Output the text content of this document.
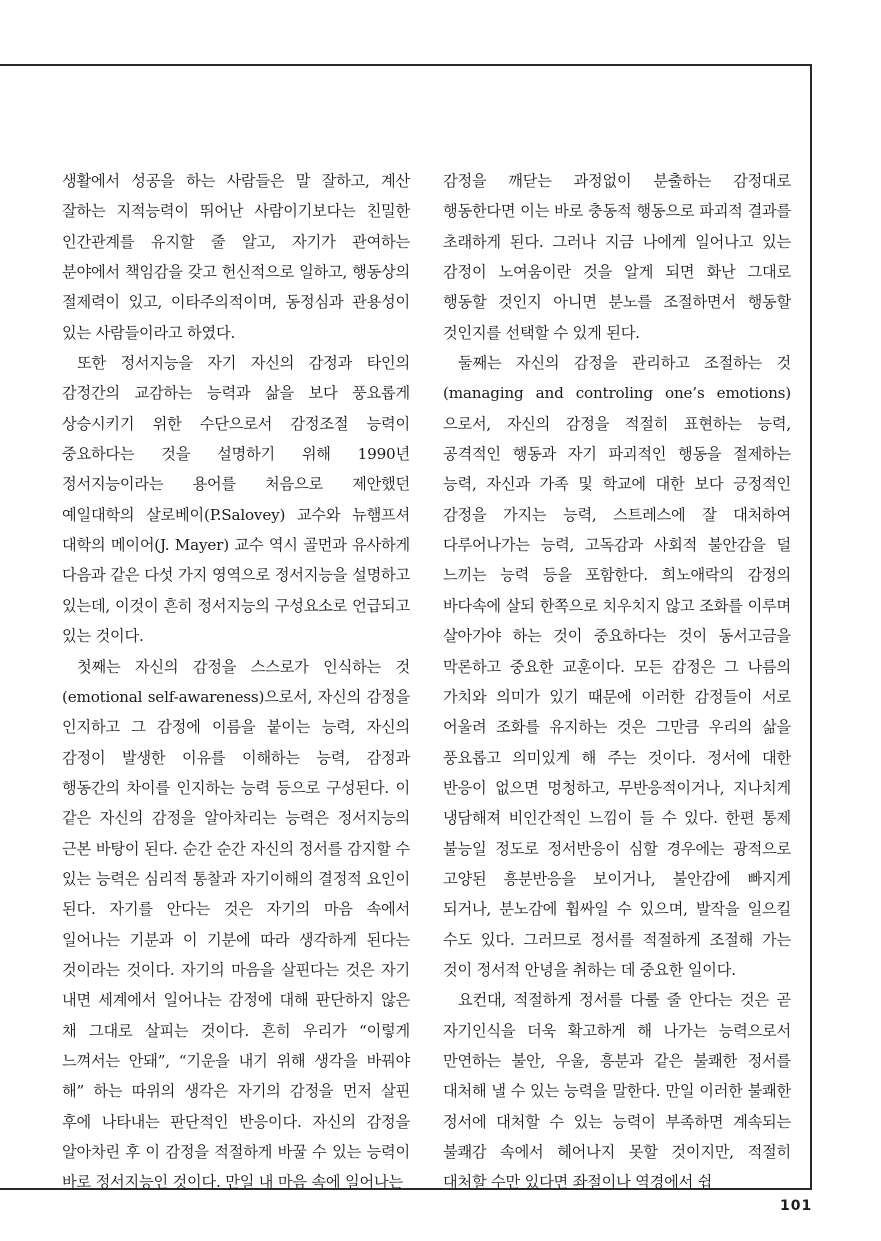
생활에서 성공을 하는 사람들은 말 잘하고, 계산 잘하는 지적능력이 뛰어난 사람이기보다는 친밀한 인간관계를 유지할 줄 알고, 자기가 관여하는 분야에서 책임감을 갖고 헌신적으로 일하고, 행동상의 절제력이 있고, 이타주의적이며, 동정심과 관용성이 있는 사람들이라고 하였다.

또한 정서지능을 자기 자신의 감정과 타인의 감정간의 교감하는 능력과 삶을 보다 풍요롭게 상승시키기 위한 수단으로서 감정조절 능력이 중요하다는 것을 설명하기 위해 1990년 정서지능이라는 용어를 처음으로 제안했던 예일대학의 살로베이(P.Salovey) 교수와 뉴햄프셔 대학의 메이어(J. Mayer) 교수 역시 골먼과 유사하게 다음과 같은 다섯 가지 영역으로 정서지능을 설명하고 있는데, 이것이 흔히 정서지능의 구성요소로 언급되고 있는 것이다.

첫째는 자신의 감정을 스스로가 인식하는 것(emotional self-awareness)으로서, 자신의 감정을 인지하고 그 감정에 이름을 붙이는 능력, 자신의 감정이 발생한 이유를 이해하는 능력, 감정과 행동간의 차이를 인지하는 능력 등으로 구성된다. 이 같은 자신의 감정을 알아차리는 능력은 정서지능의 근본 바탕이 된다. 순간 순간 자신의 정서를 감지할 수 있는 능력은 심리적 통찰과 자기이해의 결정적 요인이 된다. 자기를 안다는 것은 자기의 마음 속에서 일어나는 기분과 이 기분에 따라 생각하게 된다는 것이라는 것이다. 자기의 마음을 살핀다는 것은 자기 내면 세계에서 일어나는 감정에 대해 판단하지 않은 채 그대로 살피는 것이다. 흔히 우리가 “이렇게 느껴서는 안돼”, “기운을 내기 위해 생각을 바꿔야 해” 하는 따위의 생각은 자기의 감정을 먼저 살핀 후에 나타내는 판단적인 반응이다. 자신의 감정을 알아차린 후 이 감정을 적절하게 바꿀 수 있는 능력이 바로 정서지능인 것이다. 만일 내 마음 속에 일어나는

감정을 깨닫는 과정없이 분출하는 감정대로 행동한다면 이는 바로 충동적 행동으로 파괴적 결과를 초래하게 된다. 그러나 지금 나에게 일어나고 있는 감정이 노여움이란 것을 알게 되면 화난 그대로 행동할 것인지 아니면 분노를 조절하면서 행동할 것인지를 선택할 수 있게 된다.

둘째는 자신의 감정을 관리하고 조절하는 것(managing and controling one’s emotions)으로서, 자신의 감정을 적절히 표현하는 능력, 공격적인 행동과 자기 파괴적인 행동을 절제하는 능력, 자신과 가족 및 학교에 대한 보다 긍정적인 감정을 가지는 능력, 스트레스에 잘 대처하여 다루어나가는 능력, 고독감과 사회적 불안감을 덜 느끼는 능력 등을 포함한다. 희노애락의 감정의 바다속에 살되 한쪽으로 치우치지 않고 조화를 이루며 살아가야 하는 것이 중요하다는 것이 동서고금을 막론하고 중요한 교훈이다. 모든 감정은 그 나름의 가치와 의미가 있기 때문에 이러한 감정들이 서로 어울려 조화를 유지하는 것은 그만큼 우리의 삶을 풍요롭고 의미있게 해 주는 것이다. 정서에 대한 반응이 없으면 멍청하고, 무반응적이거나, 지나치게 냉담해져 비인간적인 느낌이 들 수 있다. 한편 통제 불능일 정도로 정서반응이 심할 경우에는 광적으로 고양된 흥분반응을 보이거나, 불안감에 빠지게 되거나, 분노감에 휩싸일 수 있으며, 발작을 일으킬 수도 있다. 그러므로 정서를 적절하게 조절해 가는 것이 정서적 안녕을 취하는 데 중요한 일이다.

요컨대, 적절하게 정서를 다룰 줄 안다는 것은 곧 자기인식을 더욱 확고하게 해 나가는 능력으로서 만연하는 불안, 우울, 흥분과 같은 불쾌한 정서를 대처해 낼 수 있는 능력을 말한다. 만일 이러한 불쾌한 정서에 대처할 수 있는 능력이 부족하면 계속되는 불쾌감 속에서 헤어나지 못할 것이지만, 적절히 대처할 수만 있다면 좌절이나 역경에서 쉽

101
